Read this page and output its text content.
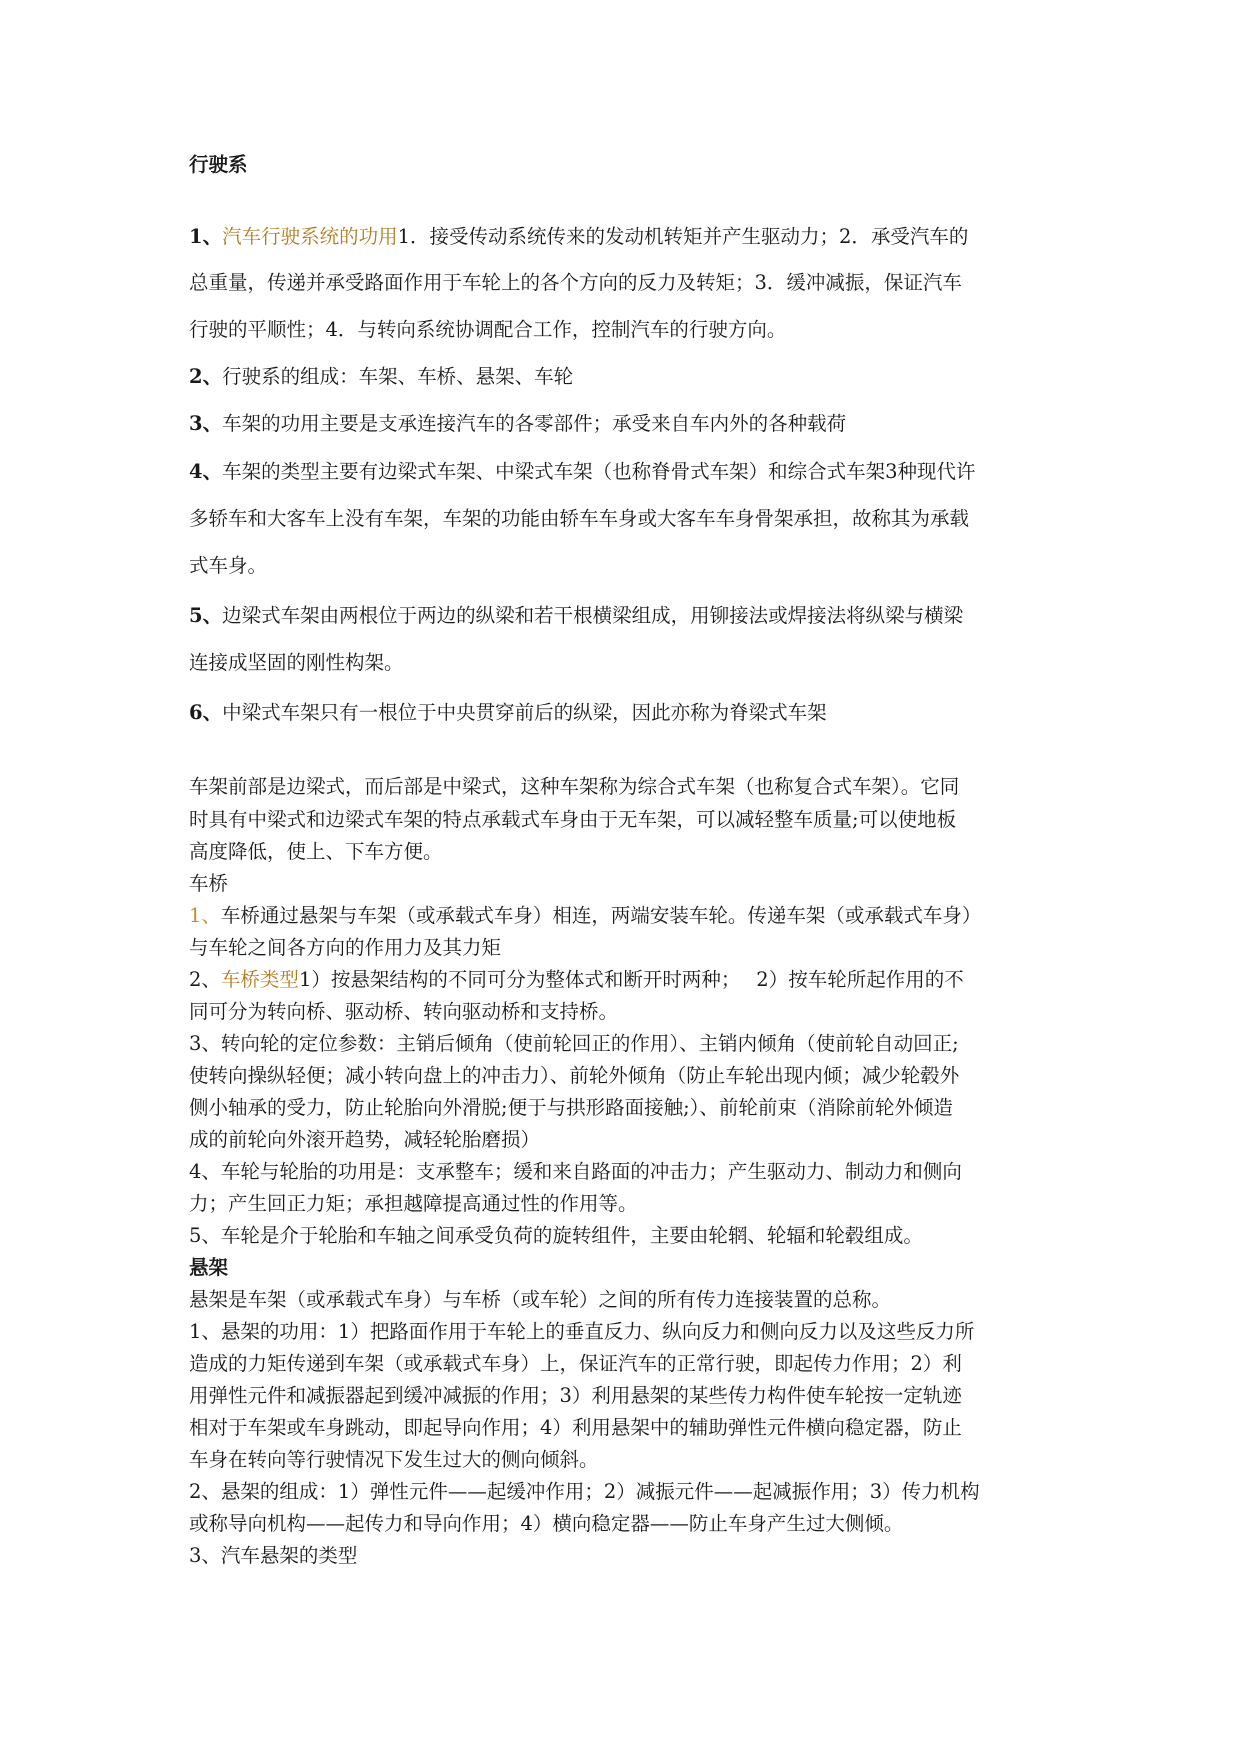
行驶系
1、汽车行驶系统的功用1．接受传动系统传来的发动机转矩并产生驱动力；2．承受汽车的
总重量，传递并承受路面作用于车轮上的各个方向的反力及转矩；3．缓冲减振，保证汽车
行驶的平顺性；4．与转向系统协调配合工作，控制汽车的行驶方向。
2、行驶系的组成：车架、车桥、悬架、车轮
3、车架的功用主要是支承连接汽车的各零部件；承受来自车内外的各种载荷
4、车架的类型主要有边梁式车架、中梁式车架（也称脊骨式车架）和综合式车架3种现代许
多轿车和大客车上没有车架，车架的功能由轿车车身或大客车车身骨架承担，故称其为承载
式车身。
5、边梁式车架由两根位于两边的纵梁和若干根横梁组成，用铆接法或焊接法将纵梁与横梁
连接成坚固的刚性构架。
6、中梁式车架只有一根位于中央贯穿前后的纵梁，因此亦称为脊梁式车架
车架前部是边梁式，而后部是中梁式，这种车架称为综合式车架（也称复合式车架）。它同
时具有中梁式和边梁式车架的特点承载式车身由于无车架，可以减轻整车质量;可以使地板
高度降低，使上、下车方便。
车桥
1、车桥通过悬架与车架（或承载式车身）相连，两端安装车轮。传递车架（或承载式车身）
与车轮之间各方向的作用力及其力矩
2、车桥类型1）按悬架结构的不同可分为整体式和断开时两种；　 2）按车轮所起作用的不
同可分为转向桥、驱动桥、转向驱动桥和支持桥。
3、转向轮的定位参数：主销后倾角（使前轮回正的作用）、主销内倾角（使前轮自动回正;
使转向操纵轻便；减小转向盘上的冲击力）、前轮外倾角（防止车轮出现内倾；减少轮毂外
侧小轴承的受力，防止轮胎向外滑脱;便于与拱形路面接触;）、前轮前束（消除前轮外倾造
成的前轮向外滚开趋势，减轻轮胎磨损）
4、车轮与轮胎的功用是：支承整车；缓和来自路面的冲击力；产生驱动力、制动力和侧向
力；产生回正力矩；承担越障提高通过性的作用等。
5、车轮是介于轮胎和车轴之间承受负荷的旋转组件，主要由轮辋、轮辐和轮毂组成。
悬架
悬架是车架（或承载式车身）与车桥（或车轮）之间的所有传力连接装置的总称。
1、悬架的功用：1）把路面作用于车轮上的垂直反力、纵向反力和侧向反力以及这些反力所
造成的力矩传递到车架（或承载式车身）上，保证汽车的正常行驶，即起传力作用；2）利
用弹性元件和减振器起到缓冲减振的作用；3）利用悬架的某些传力构件使车轮按一定轨迹
相对于车架或车身跳动，即起导向作用；4）利用悬架中的辅助弹性元件横向稳定器，防止
车身在转向等行驶情况下发生过大的侧向倾斜。
2、悬架的组成：1）弹性元件——起缓冲作用；2）减振元件——起减振作用；3）传力机构
或称导向机构——起传力和导向作用；4）横向稳定器——防止车身产生过大侧倾。
3、汽车悬架的类型
